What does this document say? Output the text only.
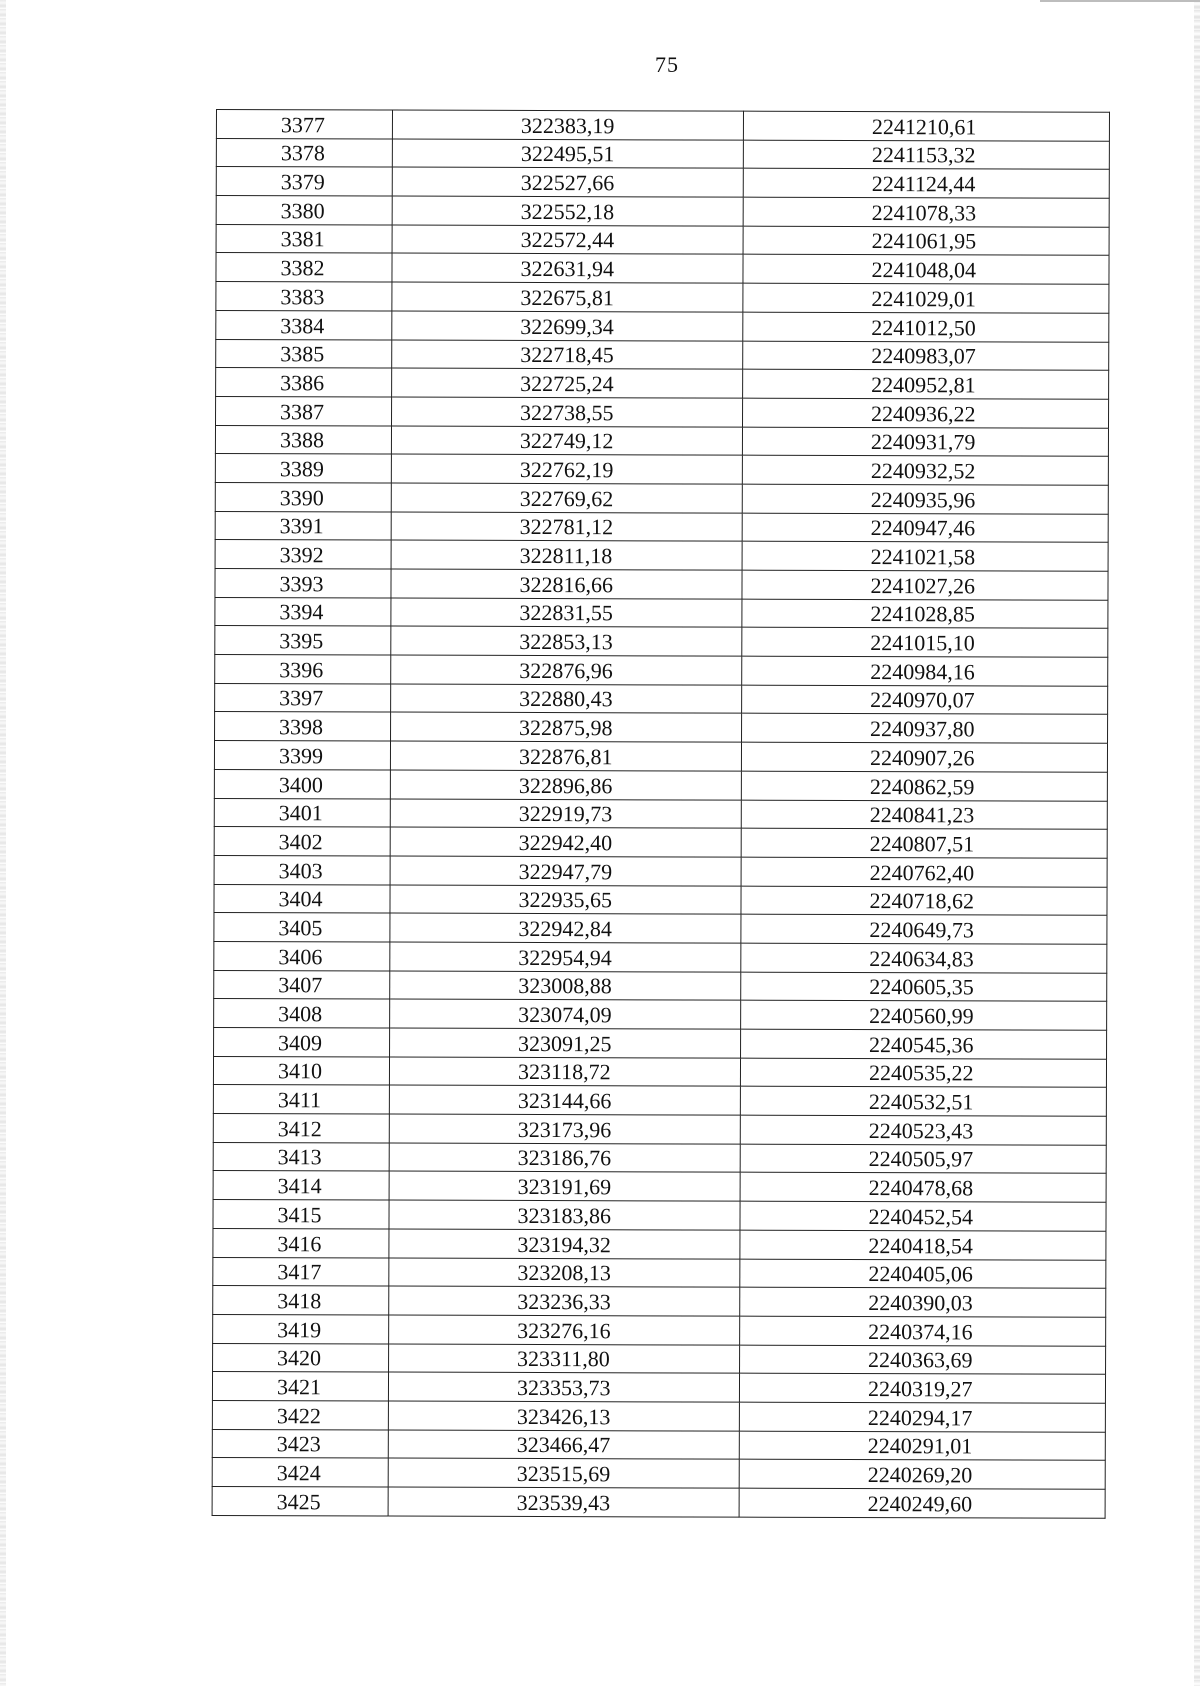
75
3377	322383,19	2241210,61
3378	322495,51	2241153,32
3379	322527,66	2241124,44
3380	322552,18	2241078,33
3381	322572,44	2241061,95
3382	322631,94	2241048,04
3383	322675,81	2241029,01
3384	322699,34	2241012,50
3385	322718,45	2240983,07
3386	322725,24	2240952,81
3387	322738,55	2240936,22
3388	322749,12	2240931,79
3389	322762,19	2240932,52
3390	322769,62	2240935,96
3391	322781,12	2240947,46
3392	322811,18	2241021,58
3393	322816,66	2241027,26
3394	322831,55	2241028,85
3395	322853,13	2241015,10
3396	322876,96	2240984,16
3397	322880,43	2240970,07
3398	322875,98	2240937,80
3399	322876,81	2240907,26
3400	322896,86	2240862,59
3401	322919,73	2240841,23
3402	322942,40	2240807,51
3403	322947,79	2240762,40
3404	322935,65	2240718,62
3405	322942,84	2240649,73
3406	322954,94	2240634,83
3407	323008,88	2240605,35
3408	323074,09	2240560,99
3409	323091,25	2240545,36
3410	323118,72	2240535,22
3411	323144,66	2240532,51
3412	323173,96	2240523,43
3413	323186,76	2240505,97
3414	323191,69	2240478,68
3415	323183,86	2240452,54
3416	323194,32	2240418,54
3417	323208,13	2240405,06
3418	323236,33	2240390,03
3419	323276,16	2240374,16
3420	323311,80	2240363,69
3421	323353,73	2240319,27
3422	323426,13	2240294,17
3423	323466,47	2240291,01
3424	323515,69	2240269,20
3425	323539,43	2240249,60
